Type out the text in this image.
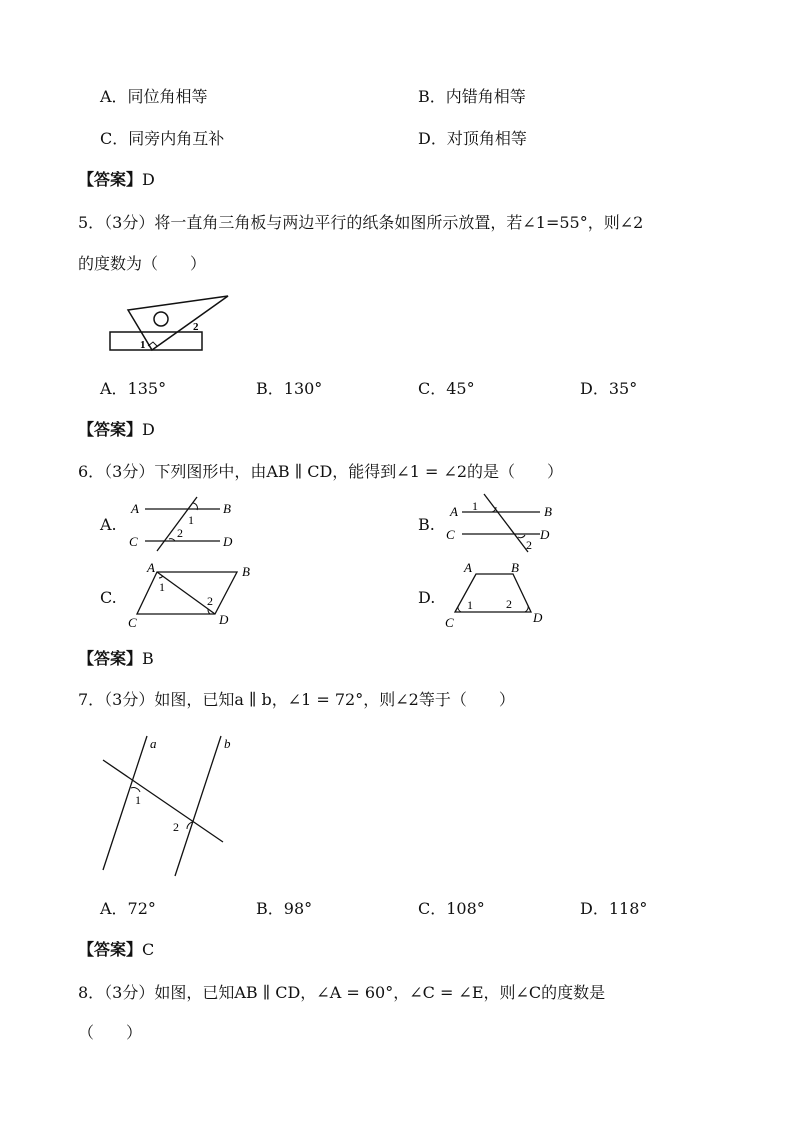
A．同位角相等	B．内错角相等
C．同旁内角互补	D．对顶角相等
【答案】D
5．（3分）将一直角三角板与两边平行的纸条如图所示放置，若∠1=55°，则∠2
的度数为（　　）
1
2
A．135°	B．130°	C．45°	D．35°
【答案】D
6．（3分）下列图形中，由AB ∥ CD，能得到∠1 = ∠2的是（　　）
A.
A	B
C	D
1
2	B.
A	B
C	D
1
2
C.
A	B
C	D
1
2	D.
A	B
C	D
1	2
【答案】B
7．（3分）如图，已知a ∥ b，∠1 = 72°，则∠2等于（　　）
a	b
1
2
A．72°	B．98°	C．108°	D．118°
【答案】C
8．（3分）如图，已知AB ∥ CD，∠A = 60°，∠C = ∠E，则∠C的度数是
（　　）
